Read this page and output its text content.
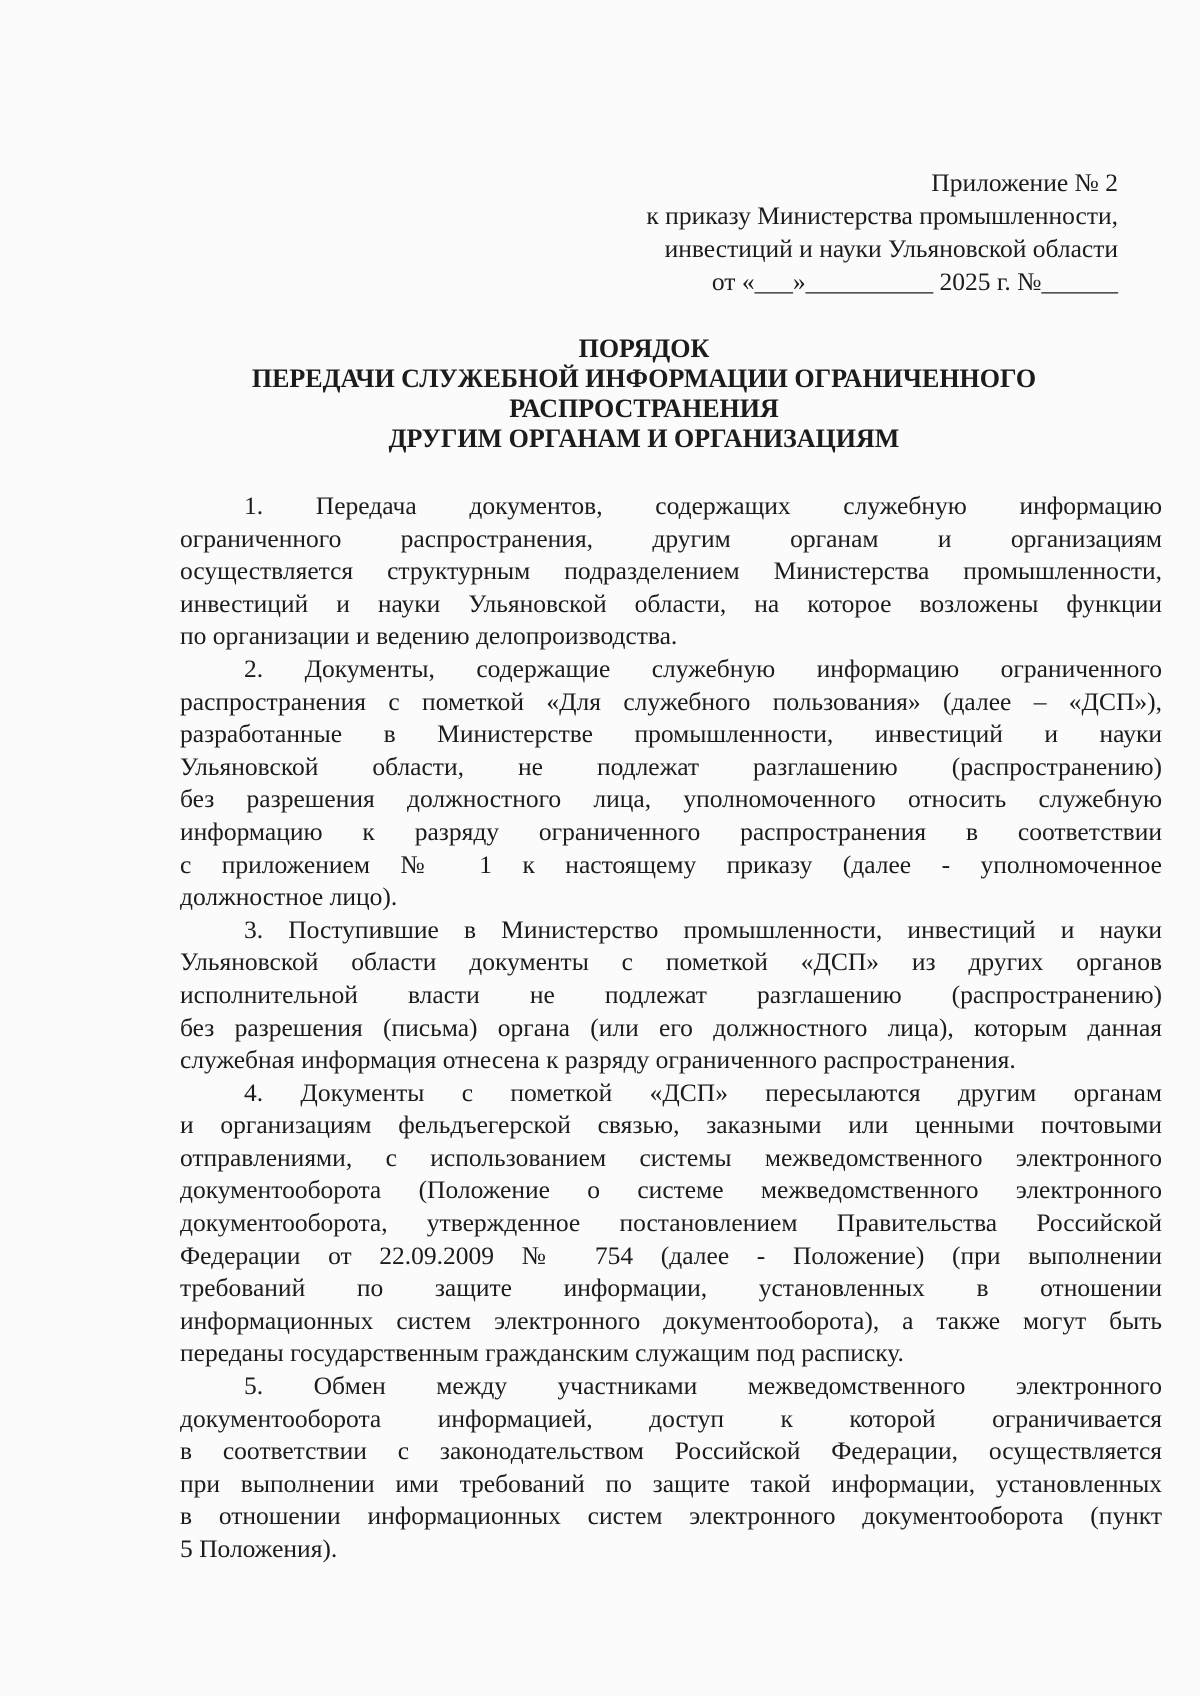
Приложение № 2
к приказу Министерства промышленности,
инвестиций и науки Ульяновской области
от «___»__________ 2025 г. №______
ПОРЯДОК
ПЕРЕДАЧИ СЛУЖЕБНОЙ ИНФОРМАЦИИ ОГРАНИЧЕННОГО
РАСПРОСТРАНЕНИЯ
ДРУГИМ ОРГАНАМ И ОРГАНИЗАЦИЯМ
1. Передача документов, содержащих служебную информацию
ограниченного распространения, другим органам и организациям
осуществляется структурным подразделением Министерства промышленности,
инвестиций и науки Ульяновской области, на которое возложены функции
по организации и ведению делопроизводства.
2. Документы, содержащие служебную информацию ограниченного
распространения с пометкой «Для служебного пользования» (далее – «ДСП»),
разработанные в Министерстве промышленности, инвестиций и науки
Ульяновской области, не подлежат разглашению (распространению)
без разрешения должностного лица, уполномоченного относить служебную
информацию к разряду ограниченного распространения в соответствии
с приложением № 1 к настоящему приказу (далее - уполномоченное
должностное лицо).
3. Поступившие в Министерство промышленности, инвестиций и науки
Ульяновской области документы с пометкой «ДСП» из других органов
исполнительной власти не подлежат разглашению (распространению)
без разрешения (письма) органа (или его должностного лица), которым данная
служебная информация отнесена к разряду ограниченного распространения.
4. Документы с пометкой «ДСП» пересылаются другим органам
и организациям фельдъегерской связью, заказными или ценными почтовыми
отправлениями, с использованием системы межведомственного электронного
документооборота (Положение о системе межведомственного электронного
документооборота, утвержденное постановлением Правительства Российской
Федерации от 22.09.2009 № 754 (далее - Положение) (при выполнении
требований по защите информации, установленных в отношении
информационных систем электронного документооборота), а также могут быть
переданы государственным гражданским служащим под расписку.
5. Обмен между участниками межведомственного электронного
документооборота информацией, доступ к которой ограничивается
в соответствии с законодательством Российской Федерации, осуществляется
при выполнении ими требований по защите такой информации, установленных
в отношении информационных систем электронного документооборота (пункт
5 Положения).
